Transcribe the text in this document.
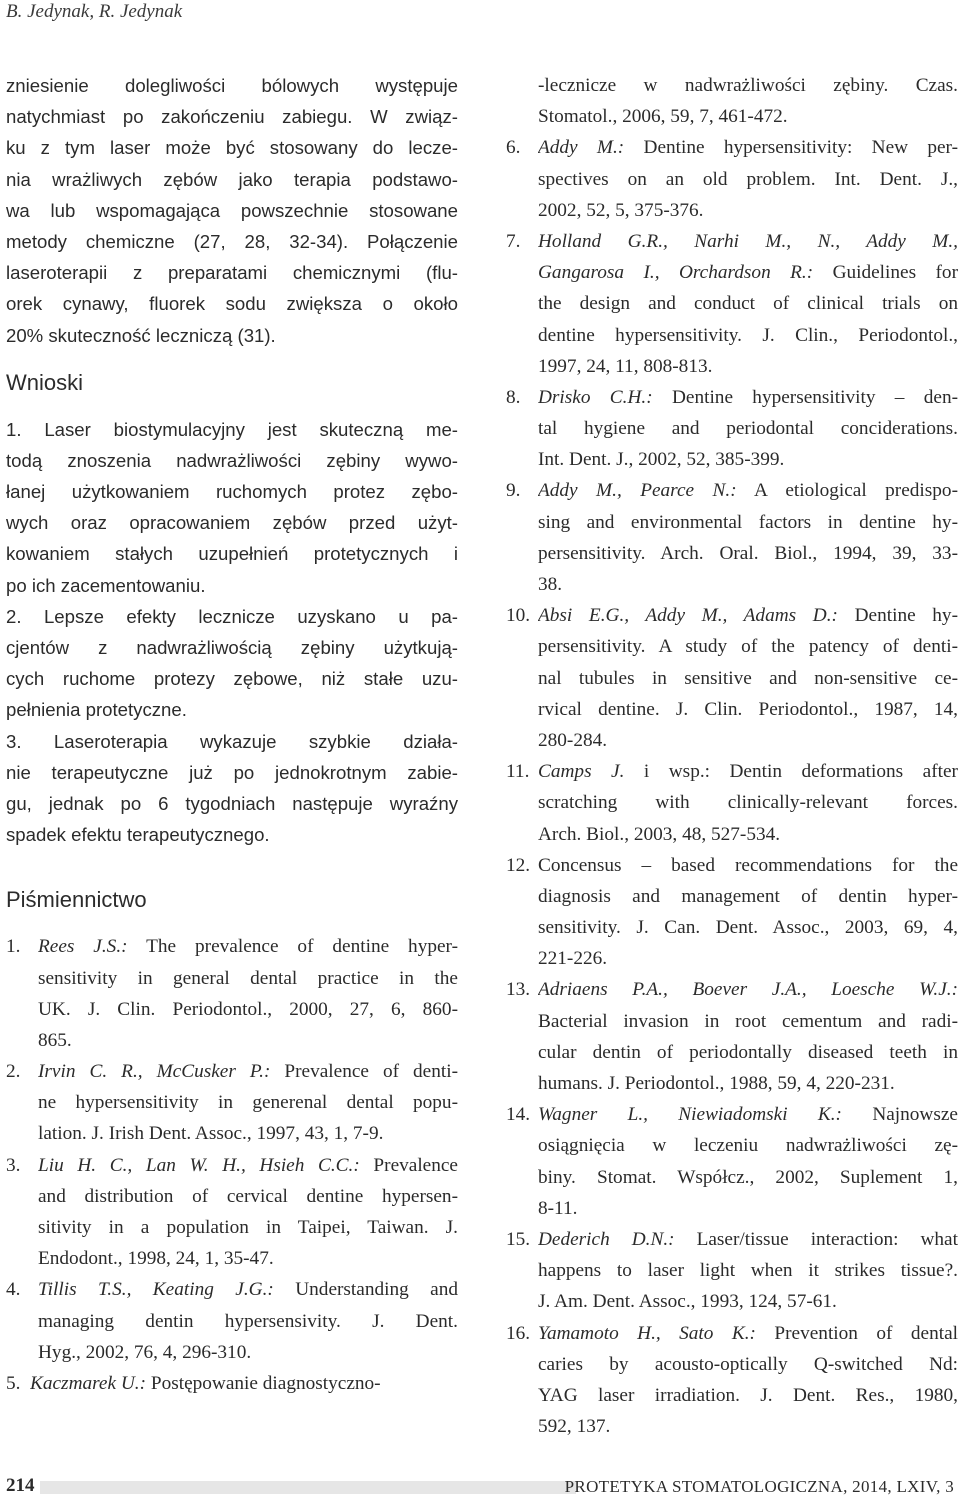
B. Jedynak, R. Jedynak
zniesienie dolegliwości bólowych występuje
natychmiast po zakończeniu zabiegu. W związ-
ku z tym laser może być stosowany do lecze-
nia wrażliwych zębów jako terapia podstawo-
wa lub wspomagająca powszechnie stosowane
metody chemiczne (27, 28, 32-34). Połączenie
laseroterapii z preparatami chemicznymi (flu-
orek cynawy, fluorek sodu zwiększa o około
20% skuteczność leczniczą (31).
Wnioski
1. Laser biostymulacyjny jest skuteczną me-
todą znoszenia nadwrażliwości zębiny wywo-
łanej użytkowaniem ruchomych protez zębo-
wych oraz opracowaniem zębów przed użyt-
kowaniem stałych uzupełnień protetycznych i
po ich zacementowaniu.
2. Lepsze efekty lecznicze uzyskano u pa-
cjentów z nadwrażliwością zębiny użytkują-
cych ruchome protezy zębowe, niż stałe uzu-
pełnienia protetyczne.
3. Laseroterapia wykazuje szybkie działa-
nie terapeutyczne już po jednokrotnym zabie-
gu, jednak po 6 tygodniach następuje wyraźny
spadek efektu terapeutycznego.
Piśmiennictwo
1. Rees J.S.: The prevalence of dentine hyper-
sensitivity in general dental practice in the
UK. J. Clin. Periodontol., 2000, 27, 6, 860-
865.
2. Irvin C. R., McCusker P.: Prevalence of denti-
ne hypersensitivity in generenal dental popu-
lation. J. Irish Dent. Assoc., 1997, 43, 1, 7-9.
3. Liu H. C., Lan W. H., Hsieh C.C.: Prevalence
and distribution of cervical dentine hypersen-
sitivity in a population in Taipei, Taiwan. J.
Endodont., 1998, 24, 1, 35-47.
4. Tillis T.S., Keating J.G.: Understanding and
managing dentin hypersensivity. J. Dent.
Hyg., 2002, 76, 4, 296-310.
5. Kaczmarek U.: Postępowanie diagnostyczno-
-lecznicze w nadwrażliwości zębiny. Czas.
Stomatol., 2006, 59, 7, 461-472.
6. Addy M.: Dentine hypersensitivity: New per-
spectives on an old problem. Int. Dent. J.,
2002, 52, 5, 375-376.
7. Holland G.R., Narhi M., N., Addy M.,
Gangarosa I., Orchardson R.: Guidelines for
the design and conduct of clinical trials on
dentine hypersensitivity. J. Clin., Periodontol.,
1997, 24, 11, 808-813.
8. Drisko C.H.: Dentine hypersensitivity – den-
tal hygiene and periodontal conciderations.
Int. Dent. J., 2002, 52, 385-399.
9. Addy M., Pearce N.: A etiological predispo-
sing and environmental factors in dentine hy-
persensitivity. Arch. Oral. Biol., 1994, 39, 33-
38.
10. Absi E.G., Addy M., Adams D.: Dentine hy-
persensitivity. A study of the patency of denti-
nal tubules in sensitive and non-sensitive ce-
rvical dentine. J. Clin. Periodontol., 1987, 14,
280-284.
11. Camps J. i wsp.: Dentin deformations after
scratching with clinically-relevant forces.
Arch. Biol., 2003, 48, 527-534.
12. Concensus – based recommendations for the
diagnosis and management of dentin hyper-
sensitivity. J. Can. Dent. Assoc., 2003, 69, 4,
221-226.
13. Adriaens P.A., Boever J.A., Loesche W.J.:
Bacterial invasion in root cementum and radi-
cular dentin of periodontally diseased teeth in
humans. J. Periodontol., 1988, 59, 4, 220-231.
14. Wagner L., Niewiadomski K.: Najnowsze
osiągnięcia w leczeniu nadwrażliwości zę-
biny. Stomat. Współcz., 2002, Suplement 1,
8-11.
15. Dederich D.N.: Laser/tissue interaction: what
happens to laser light when it strikes tissue?.
J. Am. Dent. Assoc., 1993, 124, 57-61.
16. Yamamoto H., Sato K.: Prevention of dental
caries by acousto-optically Q-switched Nd:
YAG laser irradiation. J. Dent. Res., 1980,
592, 137.
214	PROTETYKA STOMATOLOGICZNA, 2014, LXIV, 3
